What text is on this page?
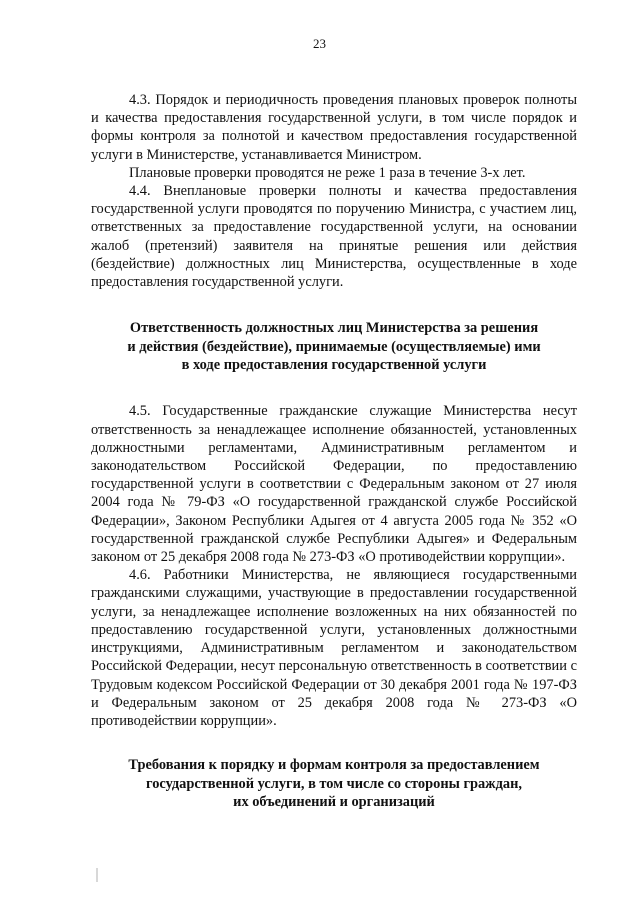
23

4.3. Порядок и периодичность проведения плановых проверок полноты и качества предоставления государственной услуги, в том числе порядок и формы контроля за полнотой и качеством предоставления государственной услуги в Министерстве, устанавливается Министром.

Плановые проверки проводятся не реже 1 раза в течение 3-х лет.

4.4. Внеплановые проверки полноты и качества предоставления государственной услуги проводятся по поручению Министра, с участием лиц, ответственных за предоставление государственной услуги, на основании жалоб (претензий) заявителя на принятые решения или действия (бездействие) должностных лиц Министерства, осуществленные в ходе предоставления государственной услуги.

Ответственность должностных лиц Министерства за решения
и действия (бездействие), принимаемые (осуществляемые) ими
в ходе предоставления государственной услуги

4.5. Государственные гражданские служащие Министерства несут ответственность за ненадлежащее исполнение обязанностей, установленных должностными регламентами, Административным регламентом и законодательством Российской Федерации, по предоставлению государственной услуги в соответствии с Федеральным законом от 27 июля 2004 года № 79-ФЗ «О государственной гражданской службе Российской Федерации», Законом Республики Адыгея от 4 августа 2005 года № 352 «О государственной гражданской службе Республики Адыгея» и Федеральным законом от 25 декабря 2008 года № 273-ФЗ «О противодействии коррупции».

4.6. Работники Министерства, не являющиеся государственными гражданскими служащими, участвующие в предоставлении государственной услуги, за ненадлежащее исполнение возложенных на них обязанностей по предоставлению государственной услуги, установленных должностными инструкциями, Административным регламентом и законодательством Российской Федерации, несут персональную ответственность в соответствии с Трудовым кодексом Российской Федерации от 30 декабря 2001 года № 197-ФЗ и Федеральным законом от 25 декабря 2008 года № 273-ФЗ «О противодействии коррупции».

Требования к порядку и формам контроля за предоставлением
государственной услуги, в том числе со стороны граждан,
их объединений и организаций
